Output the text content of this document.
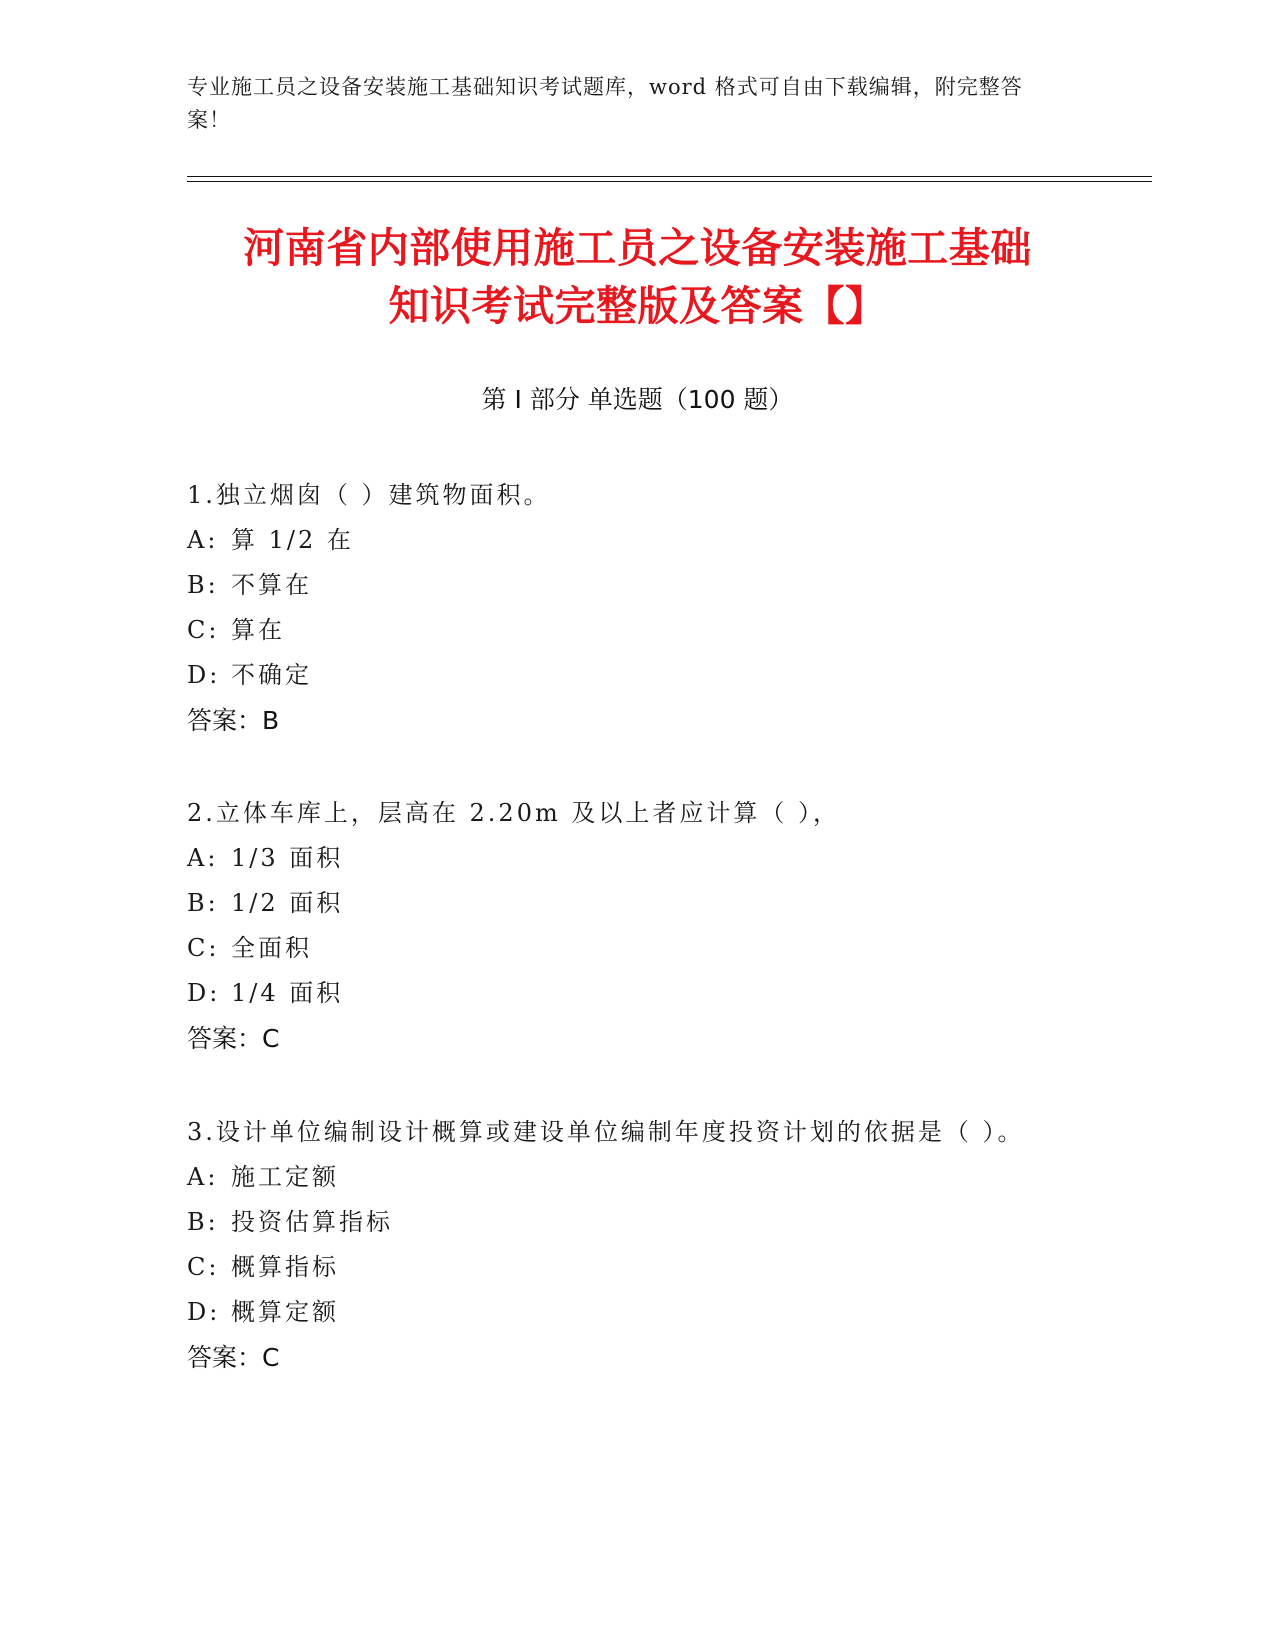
专业施工员之设备安装施工基础知识考试题库，word 格式可自由下载编辑，附完整答案！
河南省内部使用施工员之设备安装施工基础
知识考试完整版及答案【】
第 I 部分 单选题（100 题）

1.独立烟囱（ ）建筑物面积。

A: 算 1/2 在

B: 不算在

C: 算在

D: 不确定

答案：B

2.立体车库上，层高在 2.20m 及以上者应计算（ ），

A: 1/3 面积

B: 1/2 面积

C: 全面积

D: 1/4 面积

答案：C

3.设计单位编制设计概算或建设单位编制年度投资计划的依据是（ ）。

A: 施工定额

B: 投资估算指标

C: 概算指标

D: 概算定额

答案：C
